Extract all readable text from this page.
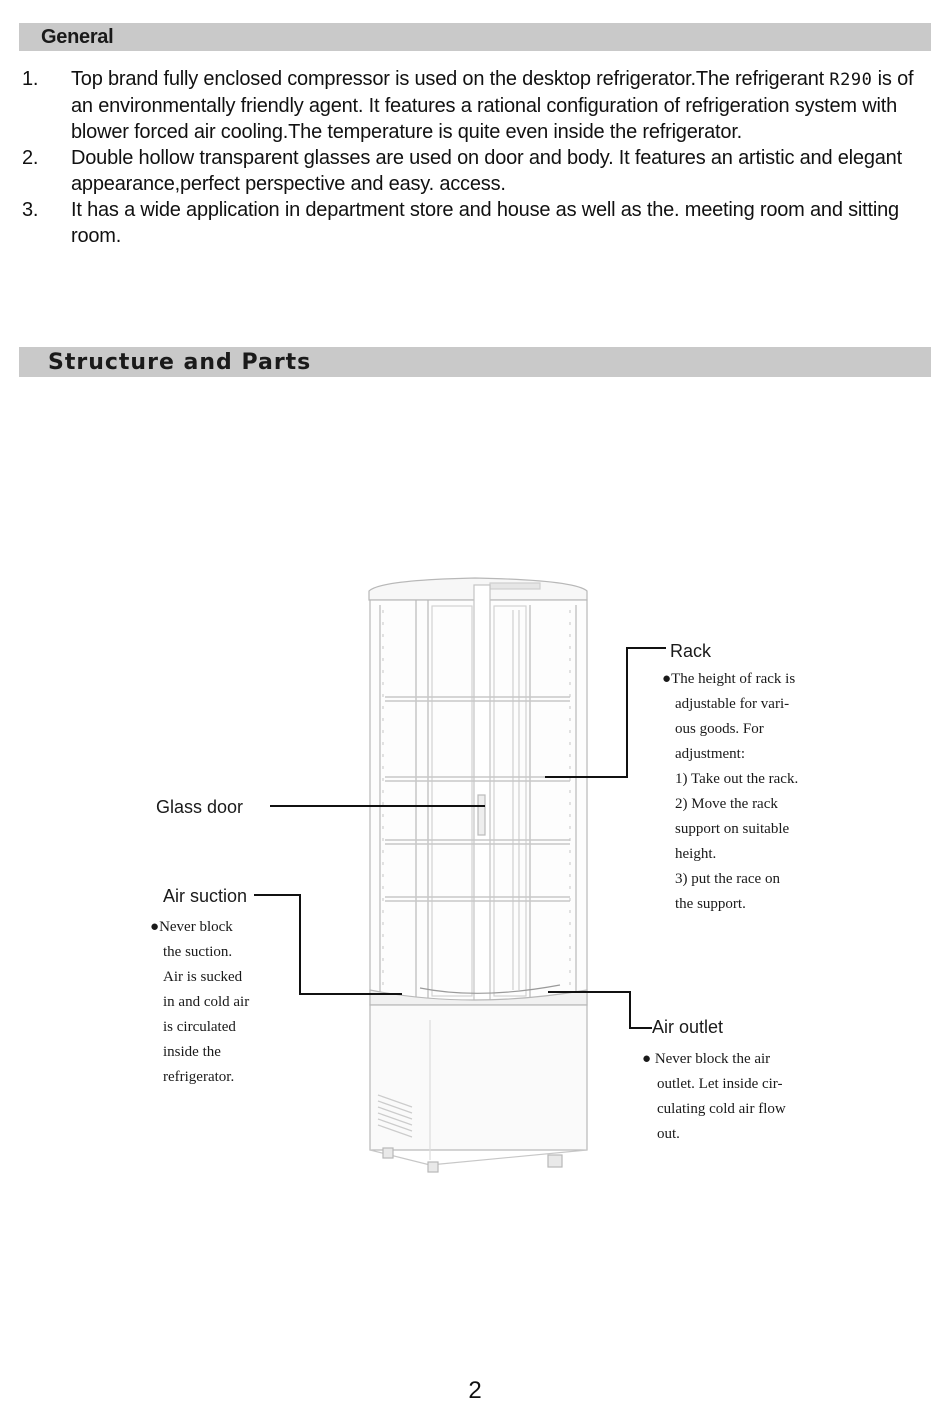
General
1. Top brand fully enclosed compressor is used on the desktop refrigerator.The refrigerant R290 is of an environmentally friendly agent. It features a rational configuration of refrigeration system with blower forced air cooling.The temperature is quite even inside the refrigerator.
2. Double hollow transparent glasses are used on door and body. It features an artistic and elegant appearance,perfect perspective and easy. access.
3. It has a wide application in department store and house as well as the. meeting room and sitting room.
Structure and Parts
Rack
Glass door
Air suction
Air outlet

●The height of rack is

adjustable for vari-

ous goods. For

adjustment:

1) Take out the rack.

2) Move the rack

support on suitable

height.

3) put the race on

the support.

●Never block

the suction.

Air is sucked

in and cold air

is circulated

inside the

refrigerator.

● Never block the air

outlet. Let inside cir-

culating cold air flow

out.

2
